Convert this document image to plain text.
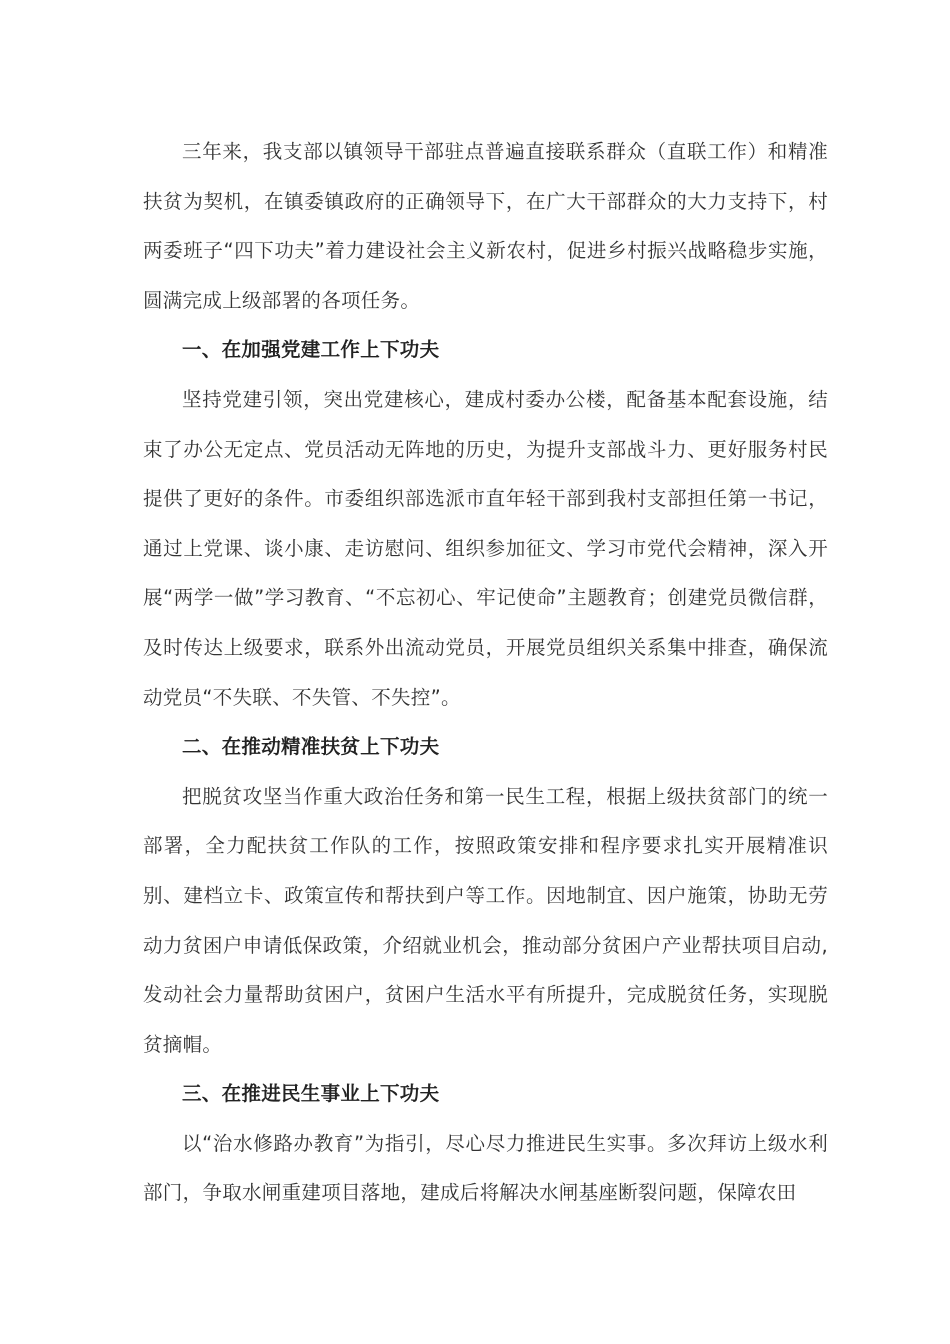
三年来，我支部以镇领导干部驻点普遍直接联系群众（直联工作）和精准扶贫为契机，在镇委镇政府的正确领导下，在广大干部群众的大力支持下，村两委班子“四下功夫”着力建设社会主义新农村，促进乡村振兴战略稳步实施，圆满完成上级部署的各项任务。

一、在加强党建工作上下功夫

坚持党建引领，突出党建核心，建成村委办公楼，配备基本配套设施，结束了办公无定点、党员活动无阵地的历史，为提升支部战斗力、更好服务村民提供了更好的条件。市委组织部选派市直年轻干部到我村支部担任第一书记，通过上党课、谈小康、走访慰问、组织参加征文、学习市党代会精神，深入开展“两学一做”学习教育、“不忘初心、牢记使命”主题教育；创建党员微信群，及时传达上级要求，联系外出流动党员，开展党员组织关系集中排查，确保流动党员“不失联、不失管、不失控”。

二、在推动精准扶贫上下功夫

把脱贫攻坚当作重大政治任务和第一民生工程，根据上级扶贫部门的统一部署，全力配扶贫工作队的工作，按照政策安排和程序要求扎实开展精准识别、建档立卡、政策宣传和帮扶到户等工作。因地制宜、因户施策，协助无劳动力贫困户申请低保政策，介绍就业机会，推动部分贫困户产业帮扶项目启动,发动社会力量帮助贫困户，贫困户生活水平有所提升，完成脱贫任务，实现脱贫摘帽。

三、在推进民生事业上下功夫

以“治水修路办教育”为指引，尽心尽力推进民生实事。多次拜访上级水利部门，争取水闸重建项目落地，建成后将解决水闸基座断裂问题，保障农田
